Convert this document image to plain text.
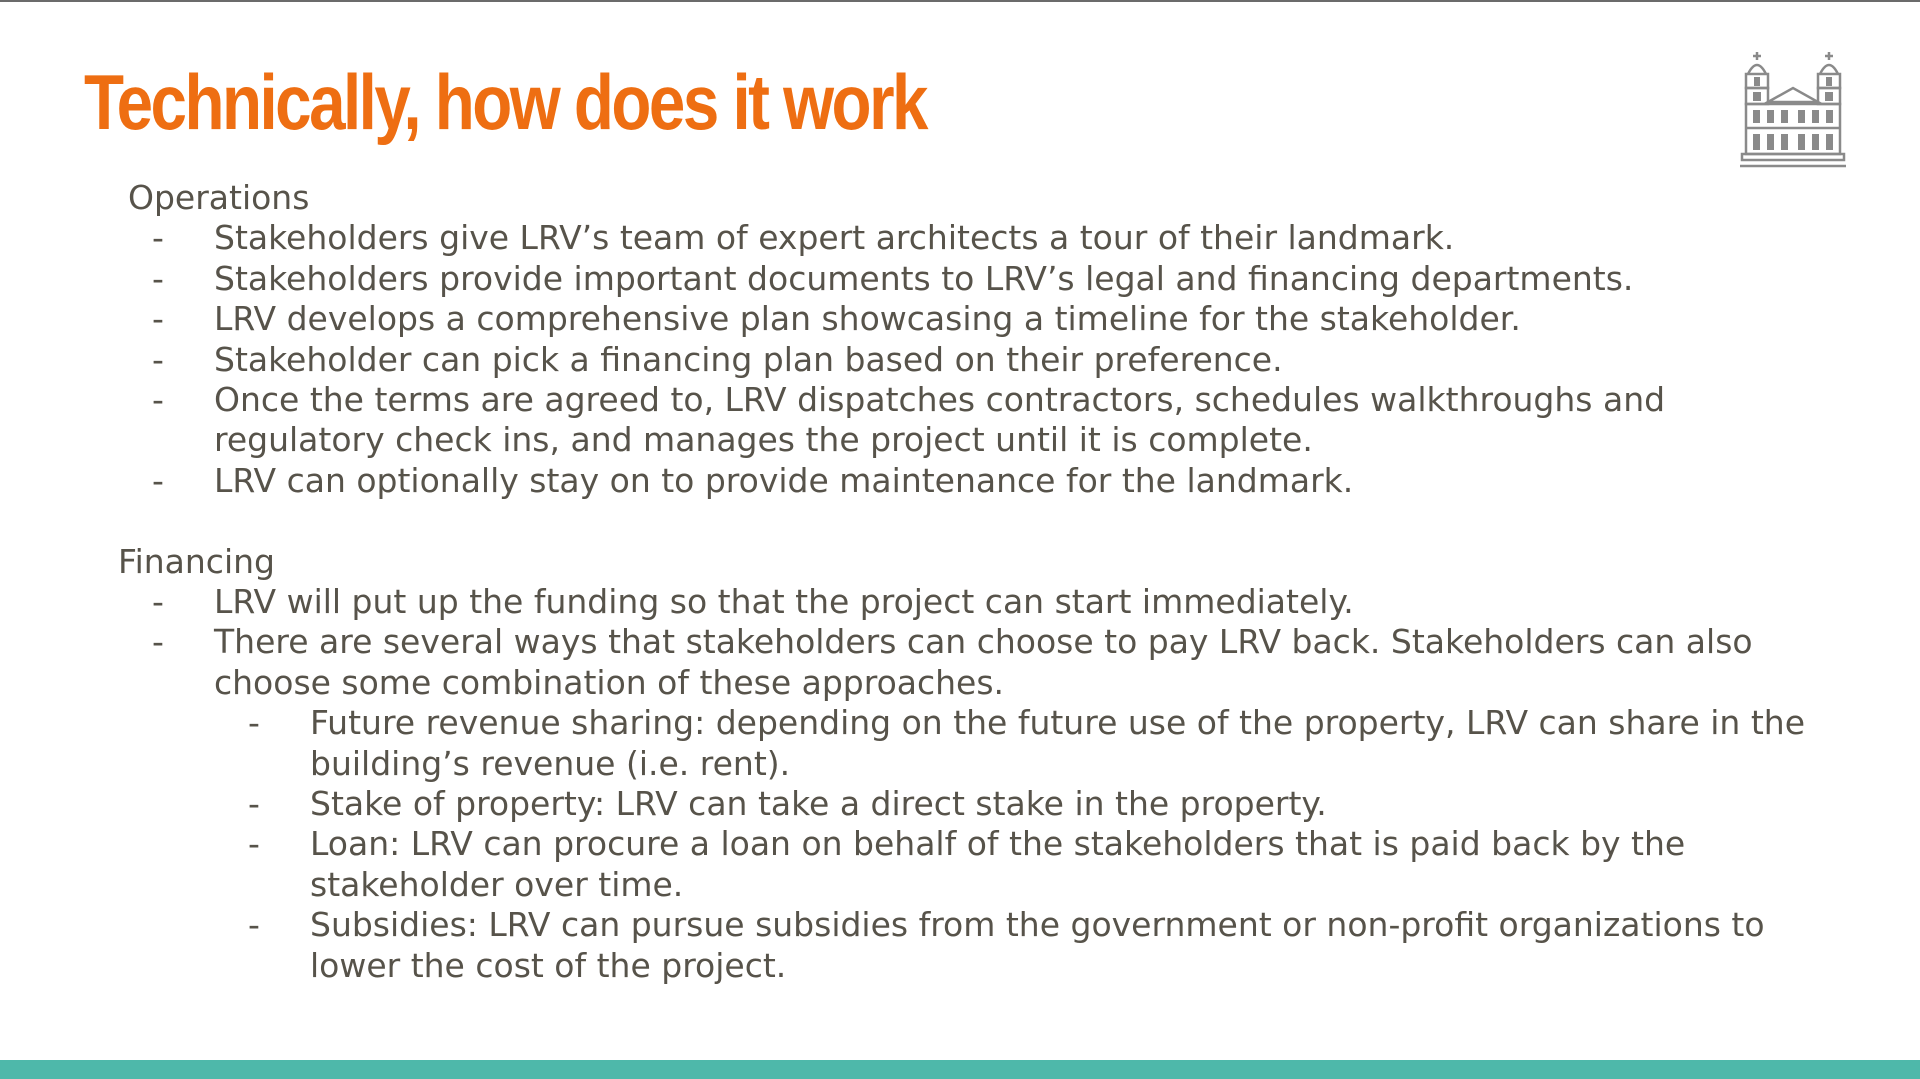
Technically, how does it work
Operations
- Stakeholders give LRV’s team of expert architects a tour of their landmark.
- Stakeholders provide important documents to LRV’s legal and financing departments.
- LRV develops a comprehensive plan showcasing a timeline for the stakeholder.
- Stakeholder can pick a financing plan based on their preference.
- Once the terms are agreed to, LRV dispatches contractors, schedules walkthroughs and regulatory check ins, and manages the project until it is complete.
- LRV can optionally stay on to provide maintenance for the landmark.
Financing
- LRV will put up the funding so that the project can start immediately.
- There are several ways that stakeholders can choose to pay LRV back. Stakeholders can also choose some combination of these approaches.
- Future revenue sharing: depending on the future use of the property, LRV can share in the building’s revenue (i.e. rent).
- Stake of property: LRV can take a direct stake in the property.
- Loan: LRV can procure a loan on behalf of the stakeholders that is paid back by the stakeholder over time.
- Subsidies: LRV can pursue subsidies from the government or non-profit organizations to lower the cost of the project.
